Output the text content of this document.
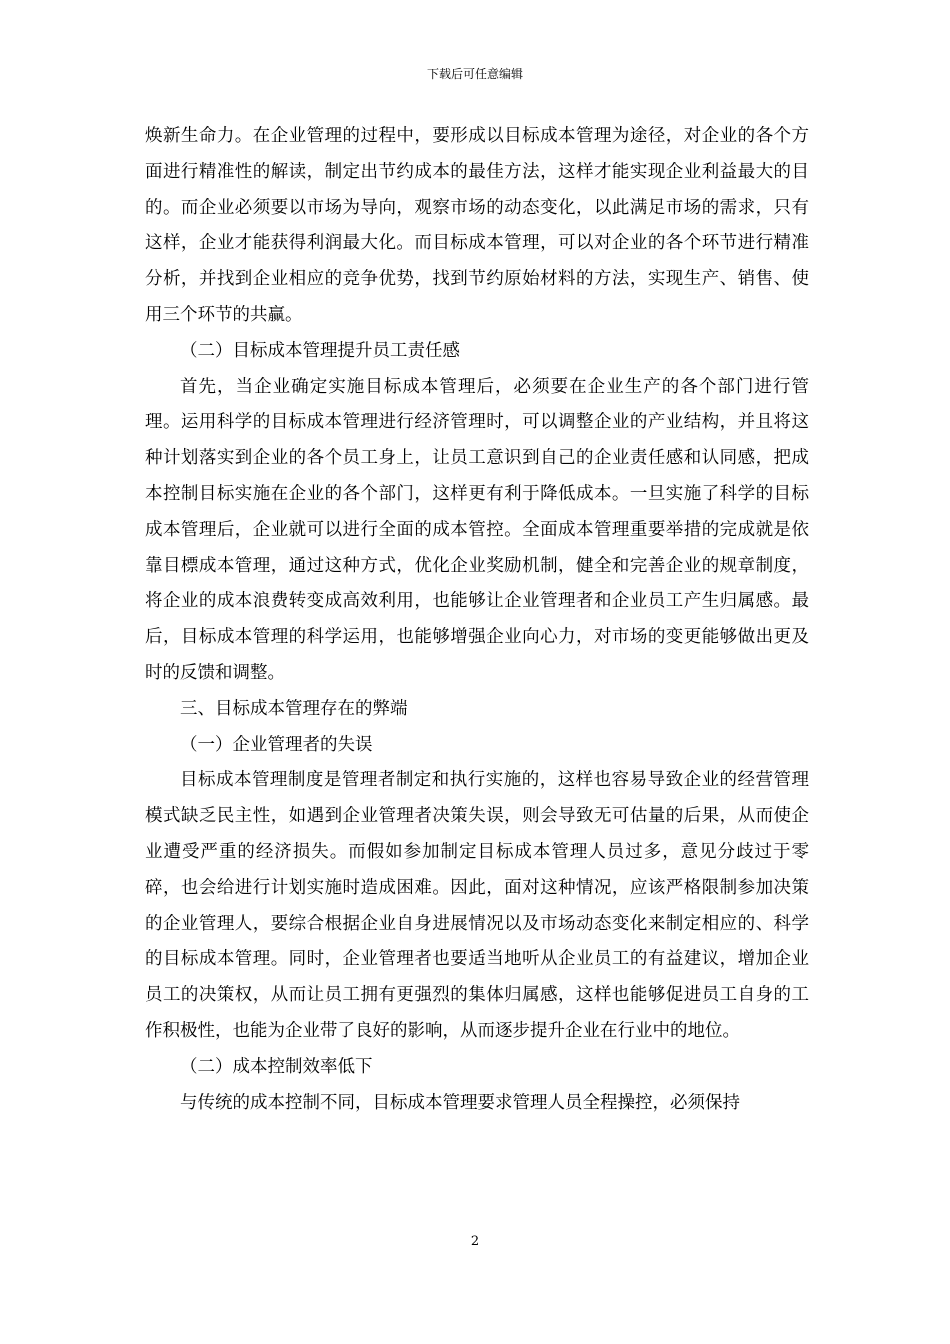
下载后可任意编辑

焕新生命力。在企业管理的过程中，要形成以目标成本管理为途径，对企业的各个方面进行精准性的解读，制定出节约成本的最佳方法，这样才能实现企业利益最大的目的。而企业必须要以市场为导向，观察市场的动态变化，以此满足市场的需求，只有这样，企业才能获得利润最大化。而目标成本管理，可以对企业的各个环节进行精准分析，并找到企业相应的竞争优势，找到节约原始材料的方法，实现生产、销售、使用三个环节的共赢。

（二）目标成本管理提升员工责任感

首先，当企业确定实施目标成本管理后，必须要在企业生产的各个部门进行管理。运用科学的目标成本管理进行经济管理时，可以调整企业的产业结构，并且将这种计划落实到企业的各个员工身上，让员工意识到自己的企业责任感和认同感，把成本控制目标实施在企业的各个部门，这样更有利于降低成本。一旦实施了科学的目标成本管理后，企业就可以进行全面的成本管控。全面成本管理重要举措的完成就是依靠目標成本管理，通过这种方式，优化企业奖励机制，健全和完善企业的规章制度，将企业的成本浪费转变成高效利用，也能够让企业管理者和企业员工产生归属感。最后，目标成本管理的科学运用，也能够增强企业向心力，对市场的变更能够做出更及时的反馈和调整。

三、目标成本管理存在的弊端

（一）企业管理者的失误

目标成本管理制度是管理者制定和执行实施的，这样也容易导致企业的经营管理模式缺乏民主性，如遇到企业管理者决策失误，则会导致无可估量的后果，从而使企业遭受严重的经济损失。而假如参加制定目标成本管理人员过多，意见分歧过于零碎，也会给进行计划实施时造成困难。因此，面对这种情况，应该严格限制参加决策的企业管理人，要综合根据企业自身进展情况以及市场动态变化来制定相应的、科学的目标成本管理。同时，企业管理者也要适当地听从企业员工的有益建议，增加企业员工的决策权，从而让员工拥有更强烈的集体归属感，这样也能够促进员工自身的工作积极性，也能为企业带了良好的影响，从而逐步提升企业在行业中的地位。

（二）成本控制效率低下

与传统的成本控制不同，目标成本管理要求管理人员全程操控，必须保持

2
